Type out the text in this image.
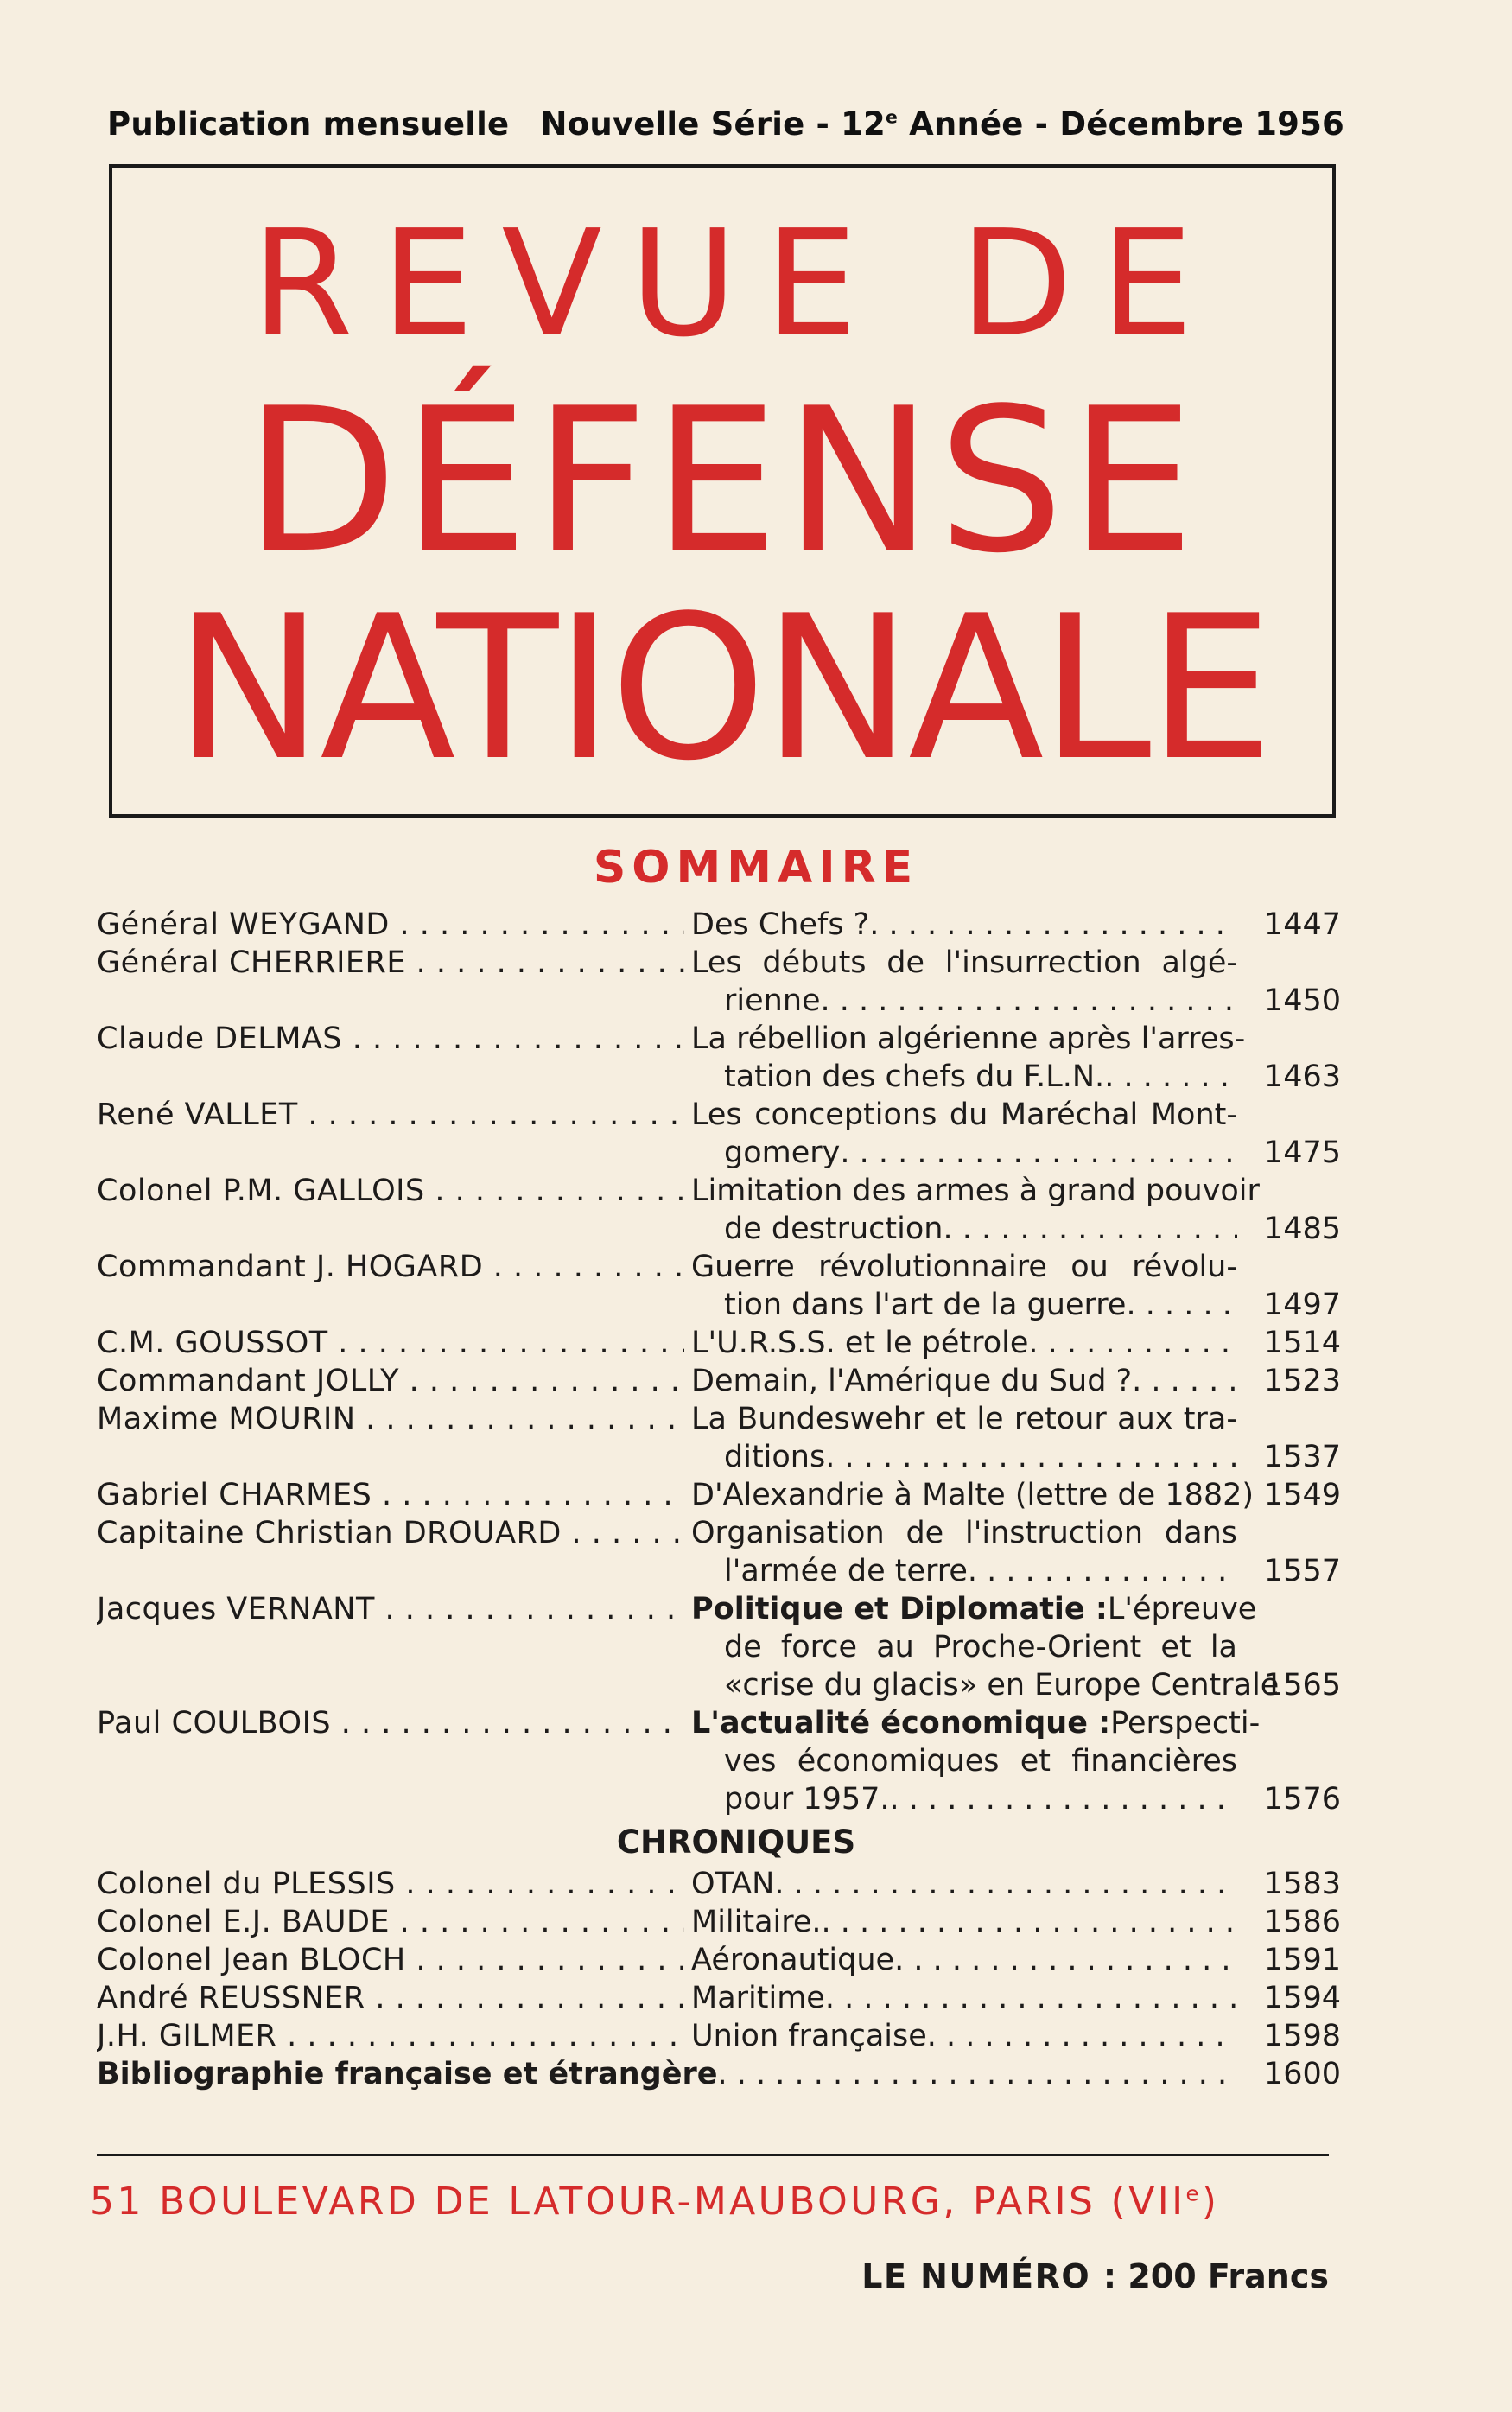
Publication mensuelle Nouvelle Série - 12e Année - Décembre 1956
REVUE DE
DÉFENSE
NATIONALE
SOMMAIRE
Général WEYGAND . . .	Des Chefs ? . . .	1447
Général CHERRIERE . . .	Les débuts de l'insurrection algé-
rienne . . .	1450
Claude DELMAS . . .	La rébellion algérienne après l'arres-
tation des chefs du F.L.N. . . .	1463
René VALLET . . .	Les conceptions du Maréchal Mont-
gomery . . .	1475
Colonel P.M. GALLOIS . . .	Limitation des armes à grand pouvoir
de destruction . . .	1485
Commandant J. HOGARD . . .	Guerre révolutionnaire ou révolu-
tion dans l'art de la guerre . . .	1497
C.M. GOUSSOT . . .	L'U.R.S.S. et le pétrole . . .	1514
Commandant JOLLY . . .	Demain, l'Amérique du Sud ? . . .	1523
Maxime MOURIN . . .	La Bundeswehr et le retour aux tra-
ditions . . .	1537
Gabriel CHARMES . . .	D'Alexandrie à Malte (lettre de 1882) 1549
Capitaine Christian DROUARD . . .	Organisation de l'instruction dans
l'armée de terre . . .	1557
Jacques VERNANT . . .	Politique et Diplomatie : L'épreuve
de force au Proche-Orient et la
«crise du glacis» en Europe Centrale
1565
Paul COULBOIS . . .	L'actualité économique : Perspecti-
ves économiques et financières
pour 1957. . . .	1576
CHRONIQUES
Colonel du PLESSIS . . .	OTAN . . .	1583
Colonel E.J. BAUDE . . .	Militaire. . . .	1586
Colonel Jean BLOCH . . .	Aéronautique . . .	1591
André REUSSNER . . .	Maritime . . .	1594
J.H. GILMER . . .	Union française . . .	1598
Bibliographie française et étrangère . . .	1600
51 BOULEVARD DE LATOUR-MAUBOURG, PARIS (VIIe)
LE NUMÉRO : 200 Francs
